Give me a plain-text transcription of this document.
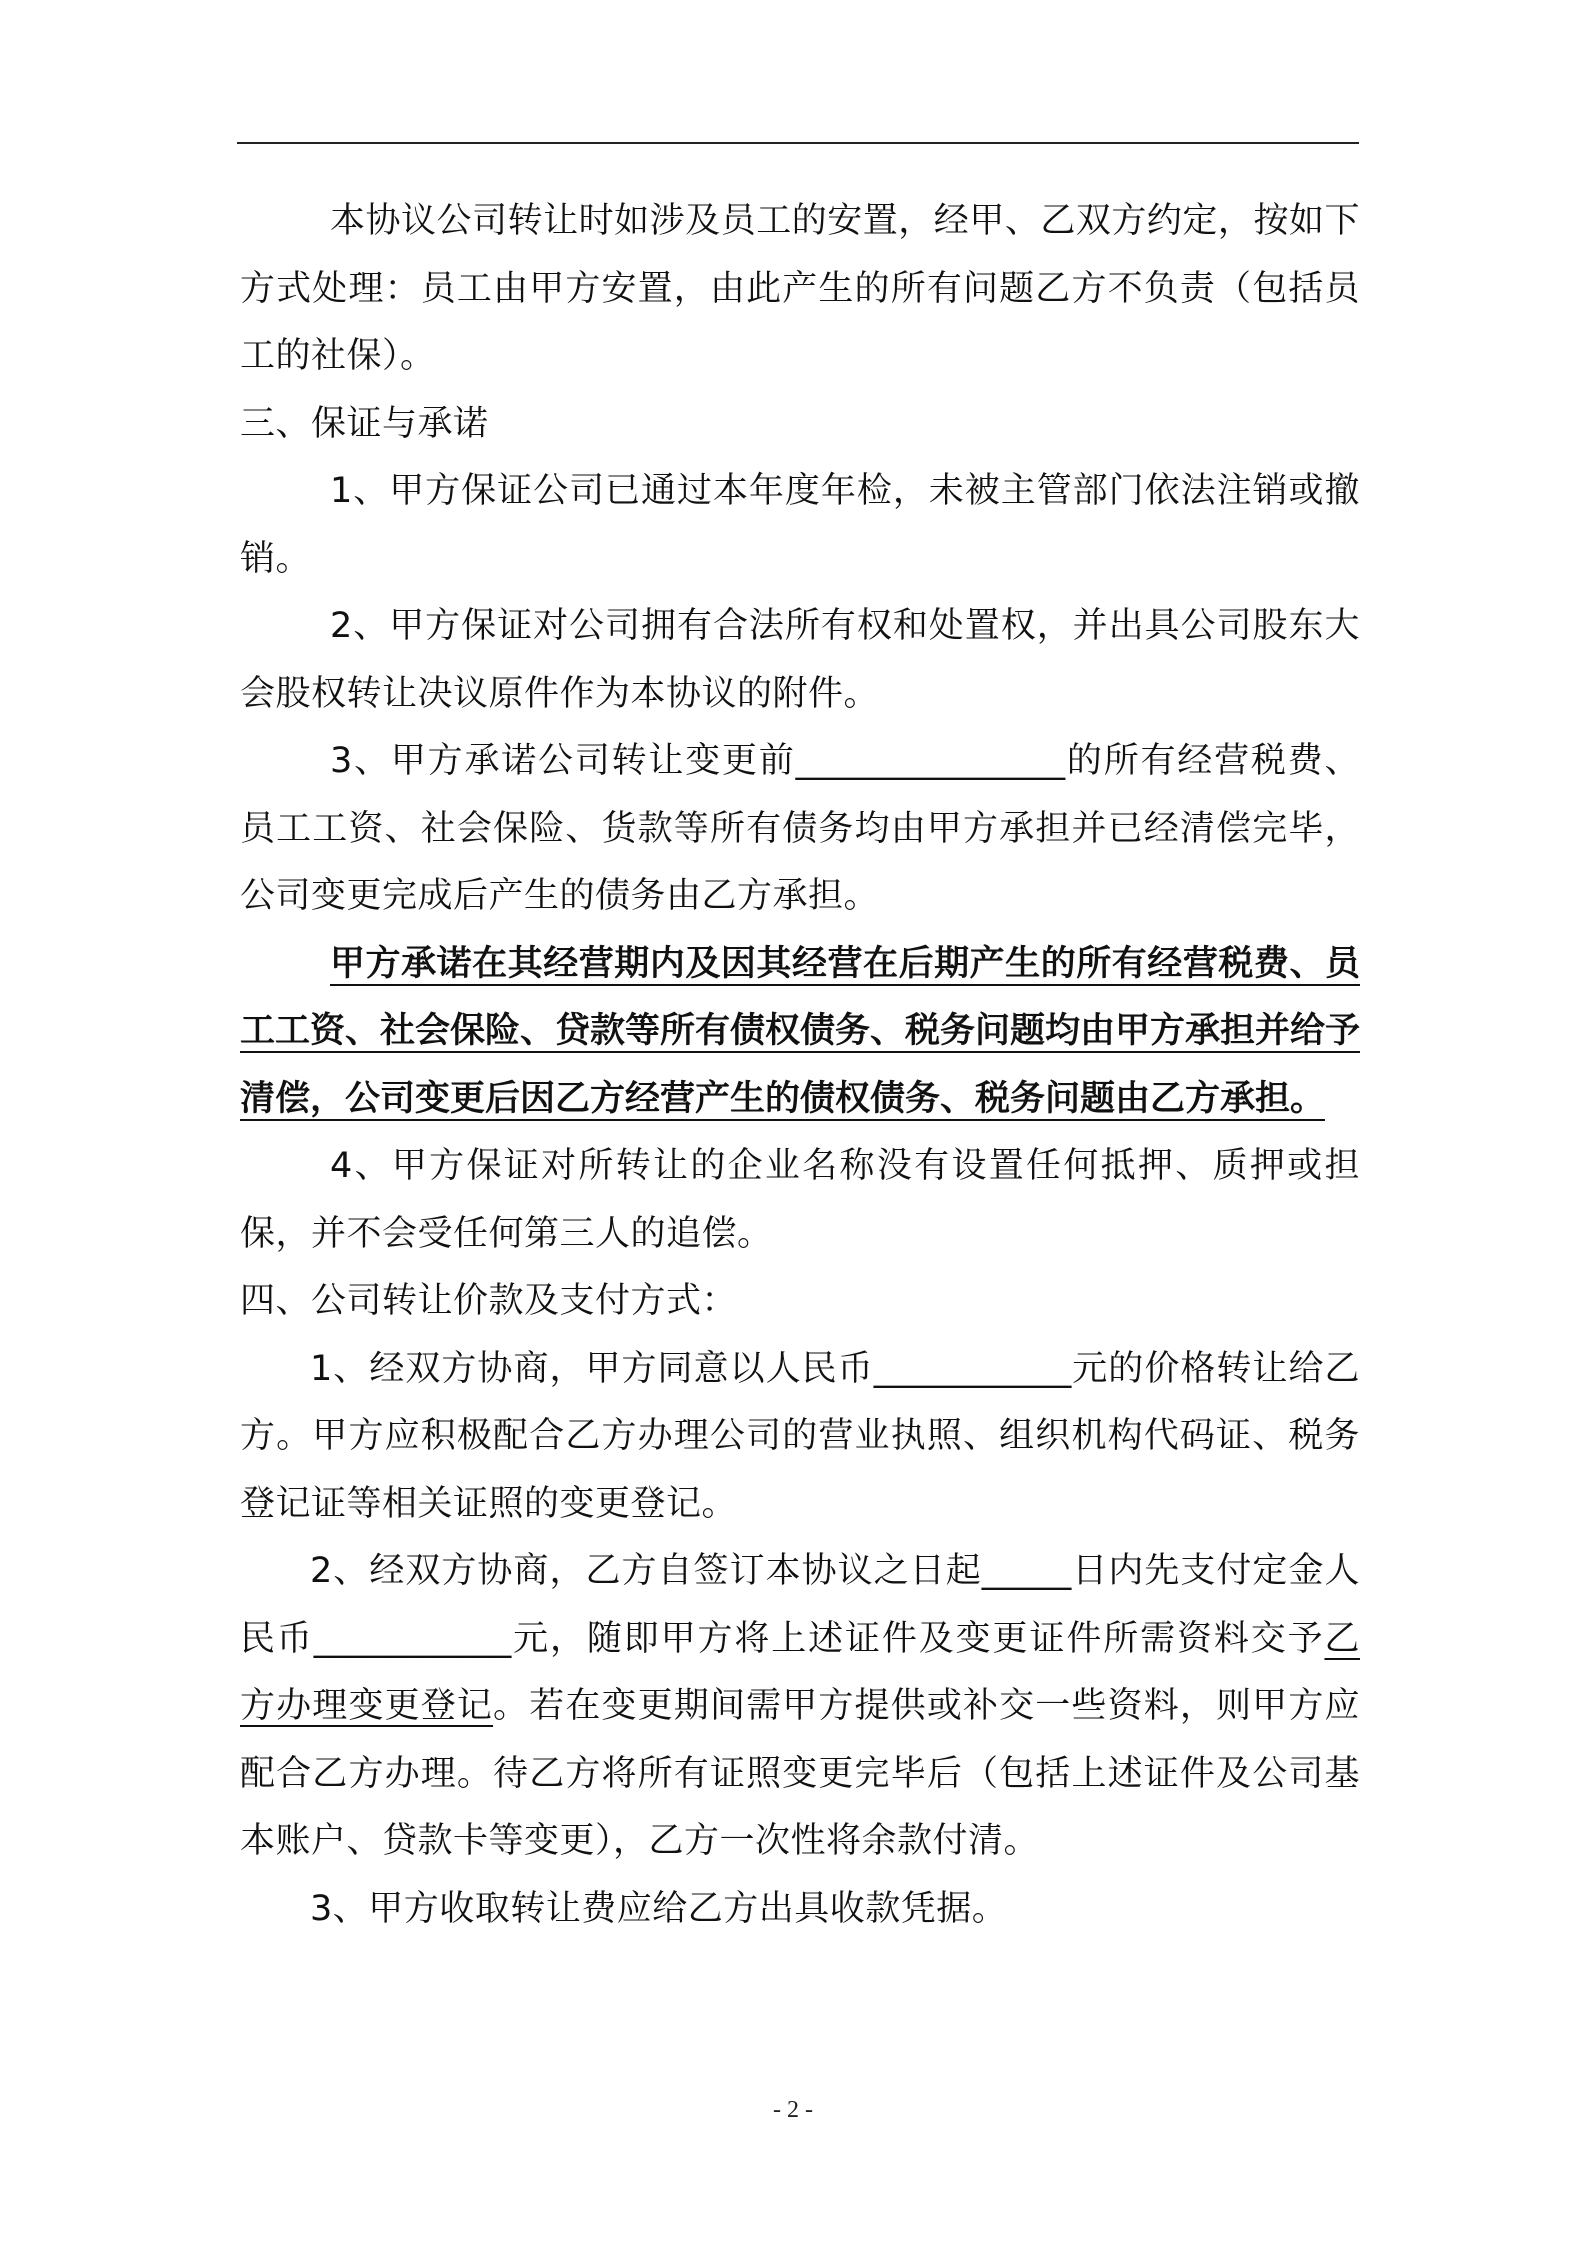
本协议公司转让时如涉及员工的安置，经甲、乙双方约定，按如下方式处理：员工由甲方安置，由此产生的所有问题乙方不负责（包括员工的社保）。

三、保证与承诺

1、甲方保证公司已通过本年度年检，未被主管部门依法注销或撤销。

2、甲方保证对公司拥有合法所有权和处置权，并出具公司股东大会股权转让决议原件作为本协议的附件。

3、甲方承诺公司转让变更前_______________的所有经营税费、员工工资、社会保险、货款等所有债务均由甲方承担并已经清偿完毕，公司变更完成后产生的债务由乙方承担。

甲方承诺在其经营期内及因其经营在后期产生的所有经营税费、员工工资、社会保险、贷款等所有债权债务、税务问题均由甲方承担并给予清偿，公司变更后因乙方经营产生的债权债务、税务问题由乙方承担。

4、甲方保证对所转让的企业名称没有设置任何抵押、质押或担保，并不会受任何第三人的追偿。

四、公司转让价款及支付方式：

1、经双方协商，甲方同意以人民币___________元的价格转让给乙方。甲方应积极配合乙方办理公司的营业执照、组织机构代码证、税务登记证等相关证照的变更登记。

2、经双方协商，乙方自签订本协议之日起_____日内先支付定金人民币___________元，随即甲方将上述证件及变更证件所需资料交予乙方办理变更登记。若在变更期间需甲方提供或补交一些资料，则甲方应配合乙方办理。待乙方将所有证照变更完毕后（包括上述证件及公司基本账户、贷款卡等变更），乙方一次性将余款付清。

3、甲方收取转让费应给乙方出具收款凭据。

- 2 -
